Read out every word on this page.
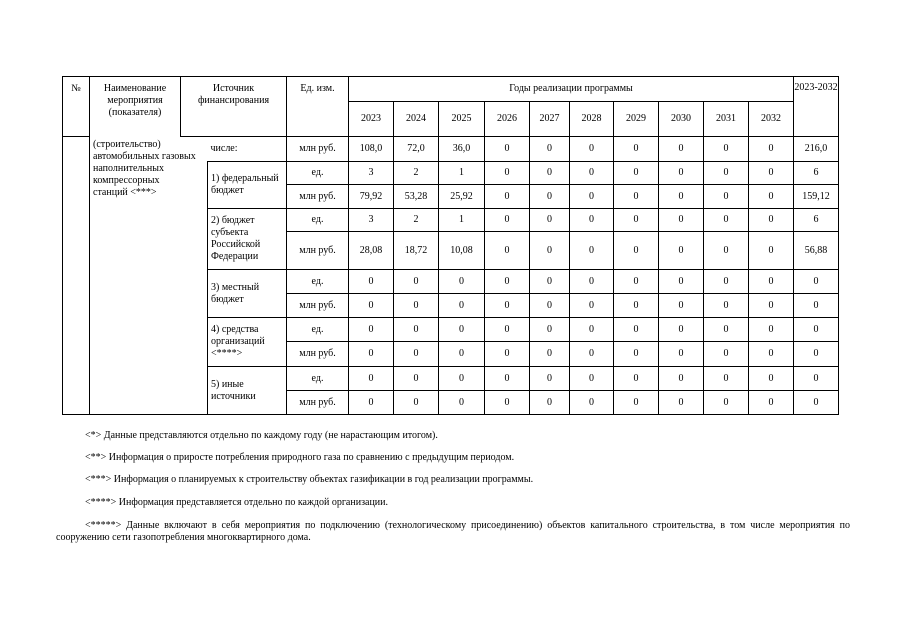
№	Наименование мероприятия (показателя)	Источник финансирования		Ед. изм.	Годы реализации программы										2023-2032
					2023	2024	2025	2026	2027	2028	2029	2030	2031	2032	
	(строительство)
автомобильных газовых
наполнительных
компрессорных
станций <***>		числе:	млн руб.	108,0	72,0	36,0	0	0	0	0	0	0	0	216,0
			1) федеральный бюджет	ед.	3	2	1	0	0	0	0	0	0	0	6
				млн руб.	79,92	53,28	25,92	0	0	0	0	0	0	0	159,12
			2) бюджет субъекта Российской Федерации	ед.	3	2	1	0	0	0	0	0	0	0	6
				млн руб.	28,08	18,72	10,08	0	0	0	0	0	0	0	56,88
			3) местный бюджет	ед.	0	0	0	0	0	0	0	0	0	0	0
				млн руб.	0	0	0	0	0	0	0	0	0	0	0
			4) средства организаций <****>	ед.	0	0	0	0	0	0	0	0	0	0	0
				млн руб.	0	0	0	0	0	0	0	0	0	0	0
			5) иные источники	ед.	0	0	0	0	0	0	0	0	0	0	0
				млн руб.	0	0	0	0	0	0	0	0	0	0	0
<*> Данные представляются отдельно по каждому году (не нарастающим итогом).
<**> Информация о приросте потребления природного газа по сравнению с предыдущим периодом.
<***> Информация о планируемых к строительству объектах газификации в год реализации программы.
<****> Информация представляется отдельно по каждой организации.
<*****> Данные включают в себя мероприятия по подключению (технологическому присоединению) объектов капитального строительства, в том числе мероприятия по сооружению сети газопотребления многоквартирного дома.
